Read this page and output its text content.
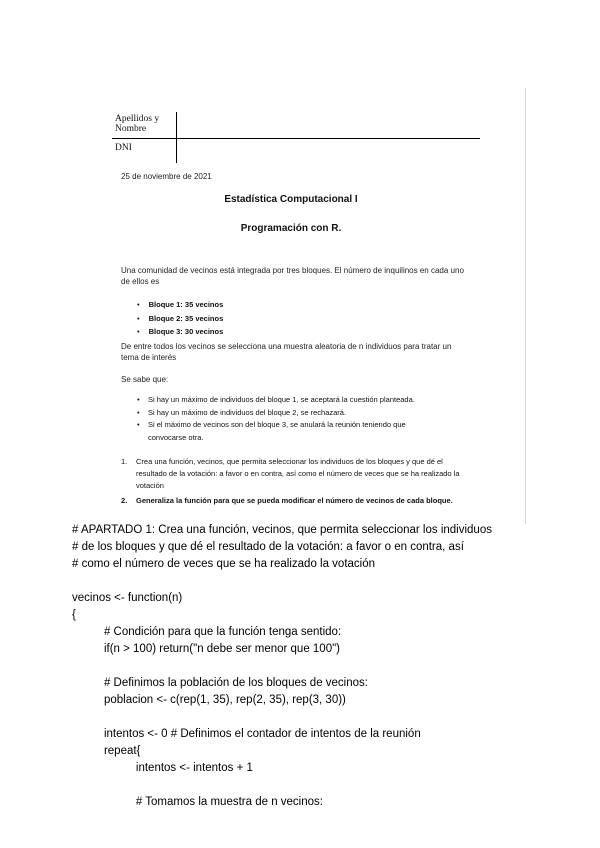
Apellidos y Nombre	
DNI	
25 de noviembre de 2021
Estadística Computacional I
Programación con R.
Una comunidad de vecinos está integrada por tres bloques. El número de inquilinos en cada uno de ellos es
• Bloque 1: 35 vecinos
• Bloque 2: 35 vecinos
• Bloque 3: 30 vecinos
De entre todos los vecinos se selecciona una muestra aleatoria de n individuos para tratar un tema de interés
Se sabe que:
• Si hay un máximo de individuos del bloque 1, se aceptará la cuestión planteada.
• Si hay un máximo de individuos del bloque 2, se rechazará.
• Si el máximo de vecinos son del bloque 3, se anulará la reunión teniendo que convocarse otra.
1. Crea una función, vecinos, que permita seleccionar los individuos de los bloques y que dé el resultado de la votación: a favor o en contra, así como el número de veces que se ha realizado la votación
2. Generaliza la función para que se pueda modificar el número de vecinos de cada bloque.
# APARTADO 1: Crea una función, vecinos, que permita seleccionar los individuos
# de los bloques y que dé el resultado de la votación: a favor o en contra, así
# como el número de veces que se ha realizado la votación
vecinos <- function(n)
{
# Condición para que la función tenga sentido:
if(n > 100) return("n debe ser menor que 100")
# Definimos la población de los bloques de vecinos:
poblacion <- c(rep(1, 35), rep(2, 35), rep(3, 30))
intentos <- 0 # Definimos el contador de intentos de la reunión
repeat{
intentos <- intentos + 1
# Tomamos la muestra de n vecinos:
